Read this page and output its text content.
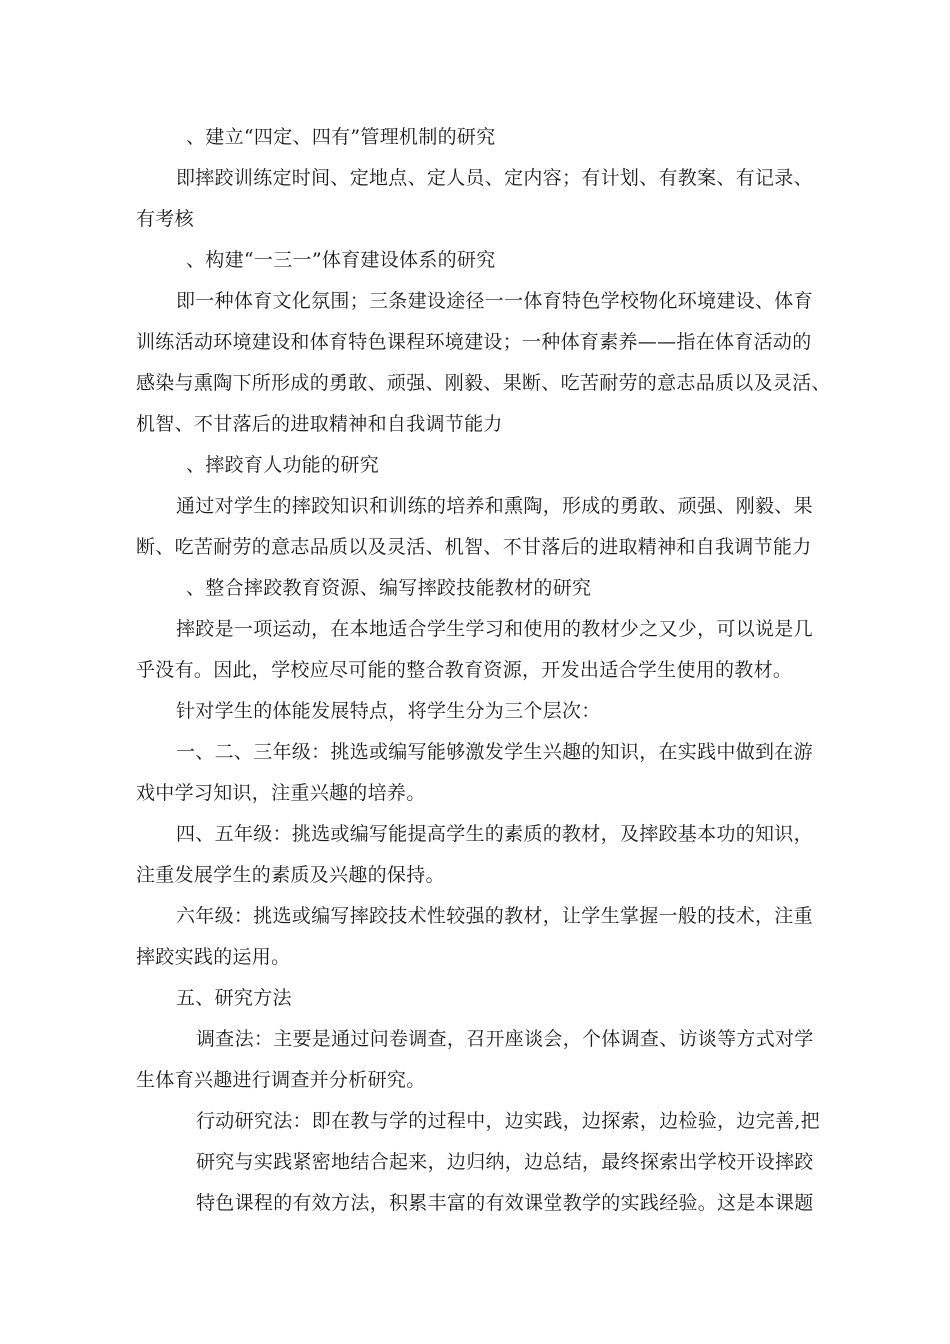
、建立“四定、四有”管理机制的研究
即摔跤训练定时间、定地点、定人员、定内容；有计划、有教案、有记录、
有考核
、构建“一三一”体育建设体系的研究
即一种体育文化氛围；三条建设途径一一体育特色学校物化环境建设、体育
训练活动环境建设和体育特色课程环境建设；一种体育素养——指在体育活动的
感染与熏陶下所形成的勇敢、顽强、刚毅、果断、吃苦耐劳的意志品质以及灵活、
机智、不甘落后的进取精神和自我调节能力
、摔跤育人功能的研究
通过对学生的摔跤知识和训练的培养和熏陶，形成的勇敢、顽强、刚毅、果
断、吃苦耐劳的意志品质以及灵活、机智、不甘落后的进取精神和自我调节能力
、整合摔跤教育资源、编写摔跤技能教材的研究
摔跤是一项运动，在本地适合学生学习和使用的教材少之又少，可以说是几
乎没有。因此，学校应尽可能的整合教育资源，开发出适合学生使用的教材。
针对学生的体能发展特点，将学生分为三个层次：
一、二、三年级：挑选或编写能够激发学生兴趣的知识，在实践中做到在游
戏中学习知识，注重兴趣的培养。
四、五年级：挑选或编写能提高学生的素质的教材，及摔跤基本功的知识，
注重发展学生的素质及兴趣的保持。
六年级：挑选或编写摔跤技术性较强的教材，让学生掌握一般的技术，注重
摔跤实践的运用。
五、研究方法
调查法：主要是通过问卷调查，召开座谈会，个体调查、访谈等方式对学
生体育兴趣进行调查并分析研究。
行动研究法：即在教与学的过程中，边实践，边探索，边检验，边完善,把
研究与实践紧密地结合起来，边归纳，边总结，最终探索出学校开设摔跤
特色课程的有效方法，积累丰富的有效课堂教学的实践经验。这是本课题
